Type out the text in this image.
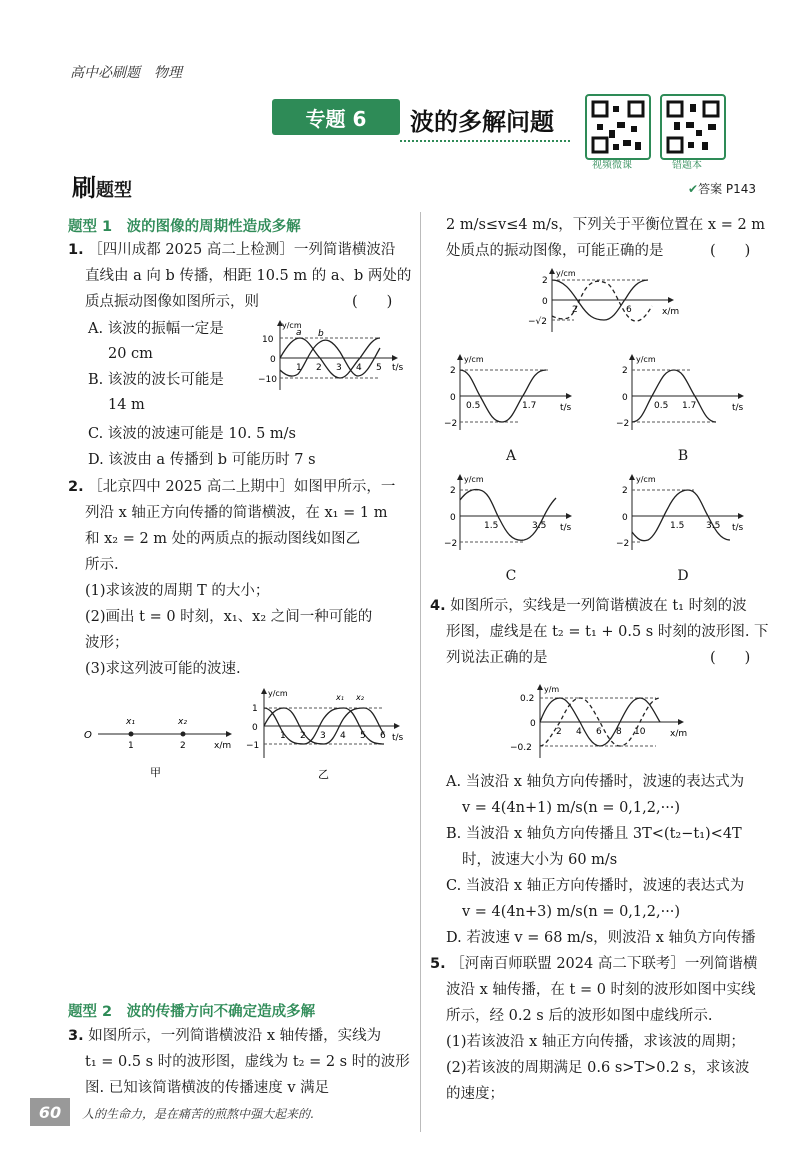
高中必刷题　物理
专题 6	波的多解问题
视频微课	错题本
刷题型	✔答案 P143
题型 1　波的图像的周期性造成多解
1. ［四川成都 2025 高二上检测］一列简谐横波沿
直线由 a 向 b 传播，相距 10.5 m 的 a、b 两处的
质点振动图像如图所示，则	(　　)
A. 该波的振幅一定是
20 cm
B. 该波的波长可能是
14 m
C. 该波的波速可能是 10. 5 m/s
D. 该波由 a 传播到 b 可能历时 7 s
y/cm
t/s
10
0
−10
1 2 3 4 5
a b
2. ［北京四中 2025 高二上期中］如图甲所示，一
列沿 x 轴正方向传播的简谐横波，在 x₁ = 1 m
和 x₂ = 2 m 处的两质点的振动图线如图乙
所示.
(1)求该波的周期 T 的大小；
(2)画出 t = 0 时刻，x₁、x₂ 之间一种可能的
波形；
(3)求这列波可能的波速.
O
x₁	x₂
1	2	x/m
甲
y/cm
t/s
1
0
−1
1 2 3 4 5 6
x₁ x₂
乙
题型 2　波的传播方向不确定造成多解
3. 如图所示，一列简谐横波沿 x 轴传播，实线为
t₁ = 0.5 s 时的波形图，虚线为 t₂ = 2 s 时的波形
图. 已知该简谐横波的传播速度 v 满足
2 m/s≤v≤4 m/s，下列关于平衡位置在 x = 2 m
处质点的振动图像，可能正确的是	(　　)
y/cm
x/m
2
0
−√2
2	6
y/cm
t/s
2
0
−2
0.5	1.7
A
y/cm
t/s
2
0
−2
0.5 1.7
B
y/cm
t/s
2
0
−2
1.5	3.5
C
y/cm
t/s
2
0
−2
1.5 3.5
D
4. 如图所示，实线是一列简谐横波在 t₁ 时刻的波
形图，虚线是在 t₂ = t₁ + 0.5 s 时刻的波形图. 下
列说法正确的是	(　　)
y/m
x/m
0.2
0
−0.2
2 4 6 8 10
A. 当波沿 x 轴负方向传播时，波速的表达式为
v = 4(4n+1) m/s(n = 0,1,2,···)
B. 当波沿 x 轴负方向传播且 3T<(t₂−t₁)<4T
时，波速大小为 60 m/s
C. 当波沿 x 轴正方向传播时，波速的表达式为
v = 4(4n+3) m/s(n = 0,1,2,···)
D. 若波速 v = 68 m/s，则波沿 x 轴负方向传播
5. ［河南百师联盟 2024 高二下联考］一列简谐横
波沿 x 轴传播，在 t = 0 时刻的波形如图中实线
所示，经 0.2 s 后的波形如图中虚线所示.
(1)若该波沿 x 轴正方向传播，求该波的周期；
(2)若该波的周期满足 0.6 s>T>0.2 s，求该波
的速度；
60	人的生命力，是在痛苦的煎熬中强大起来的.
